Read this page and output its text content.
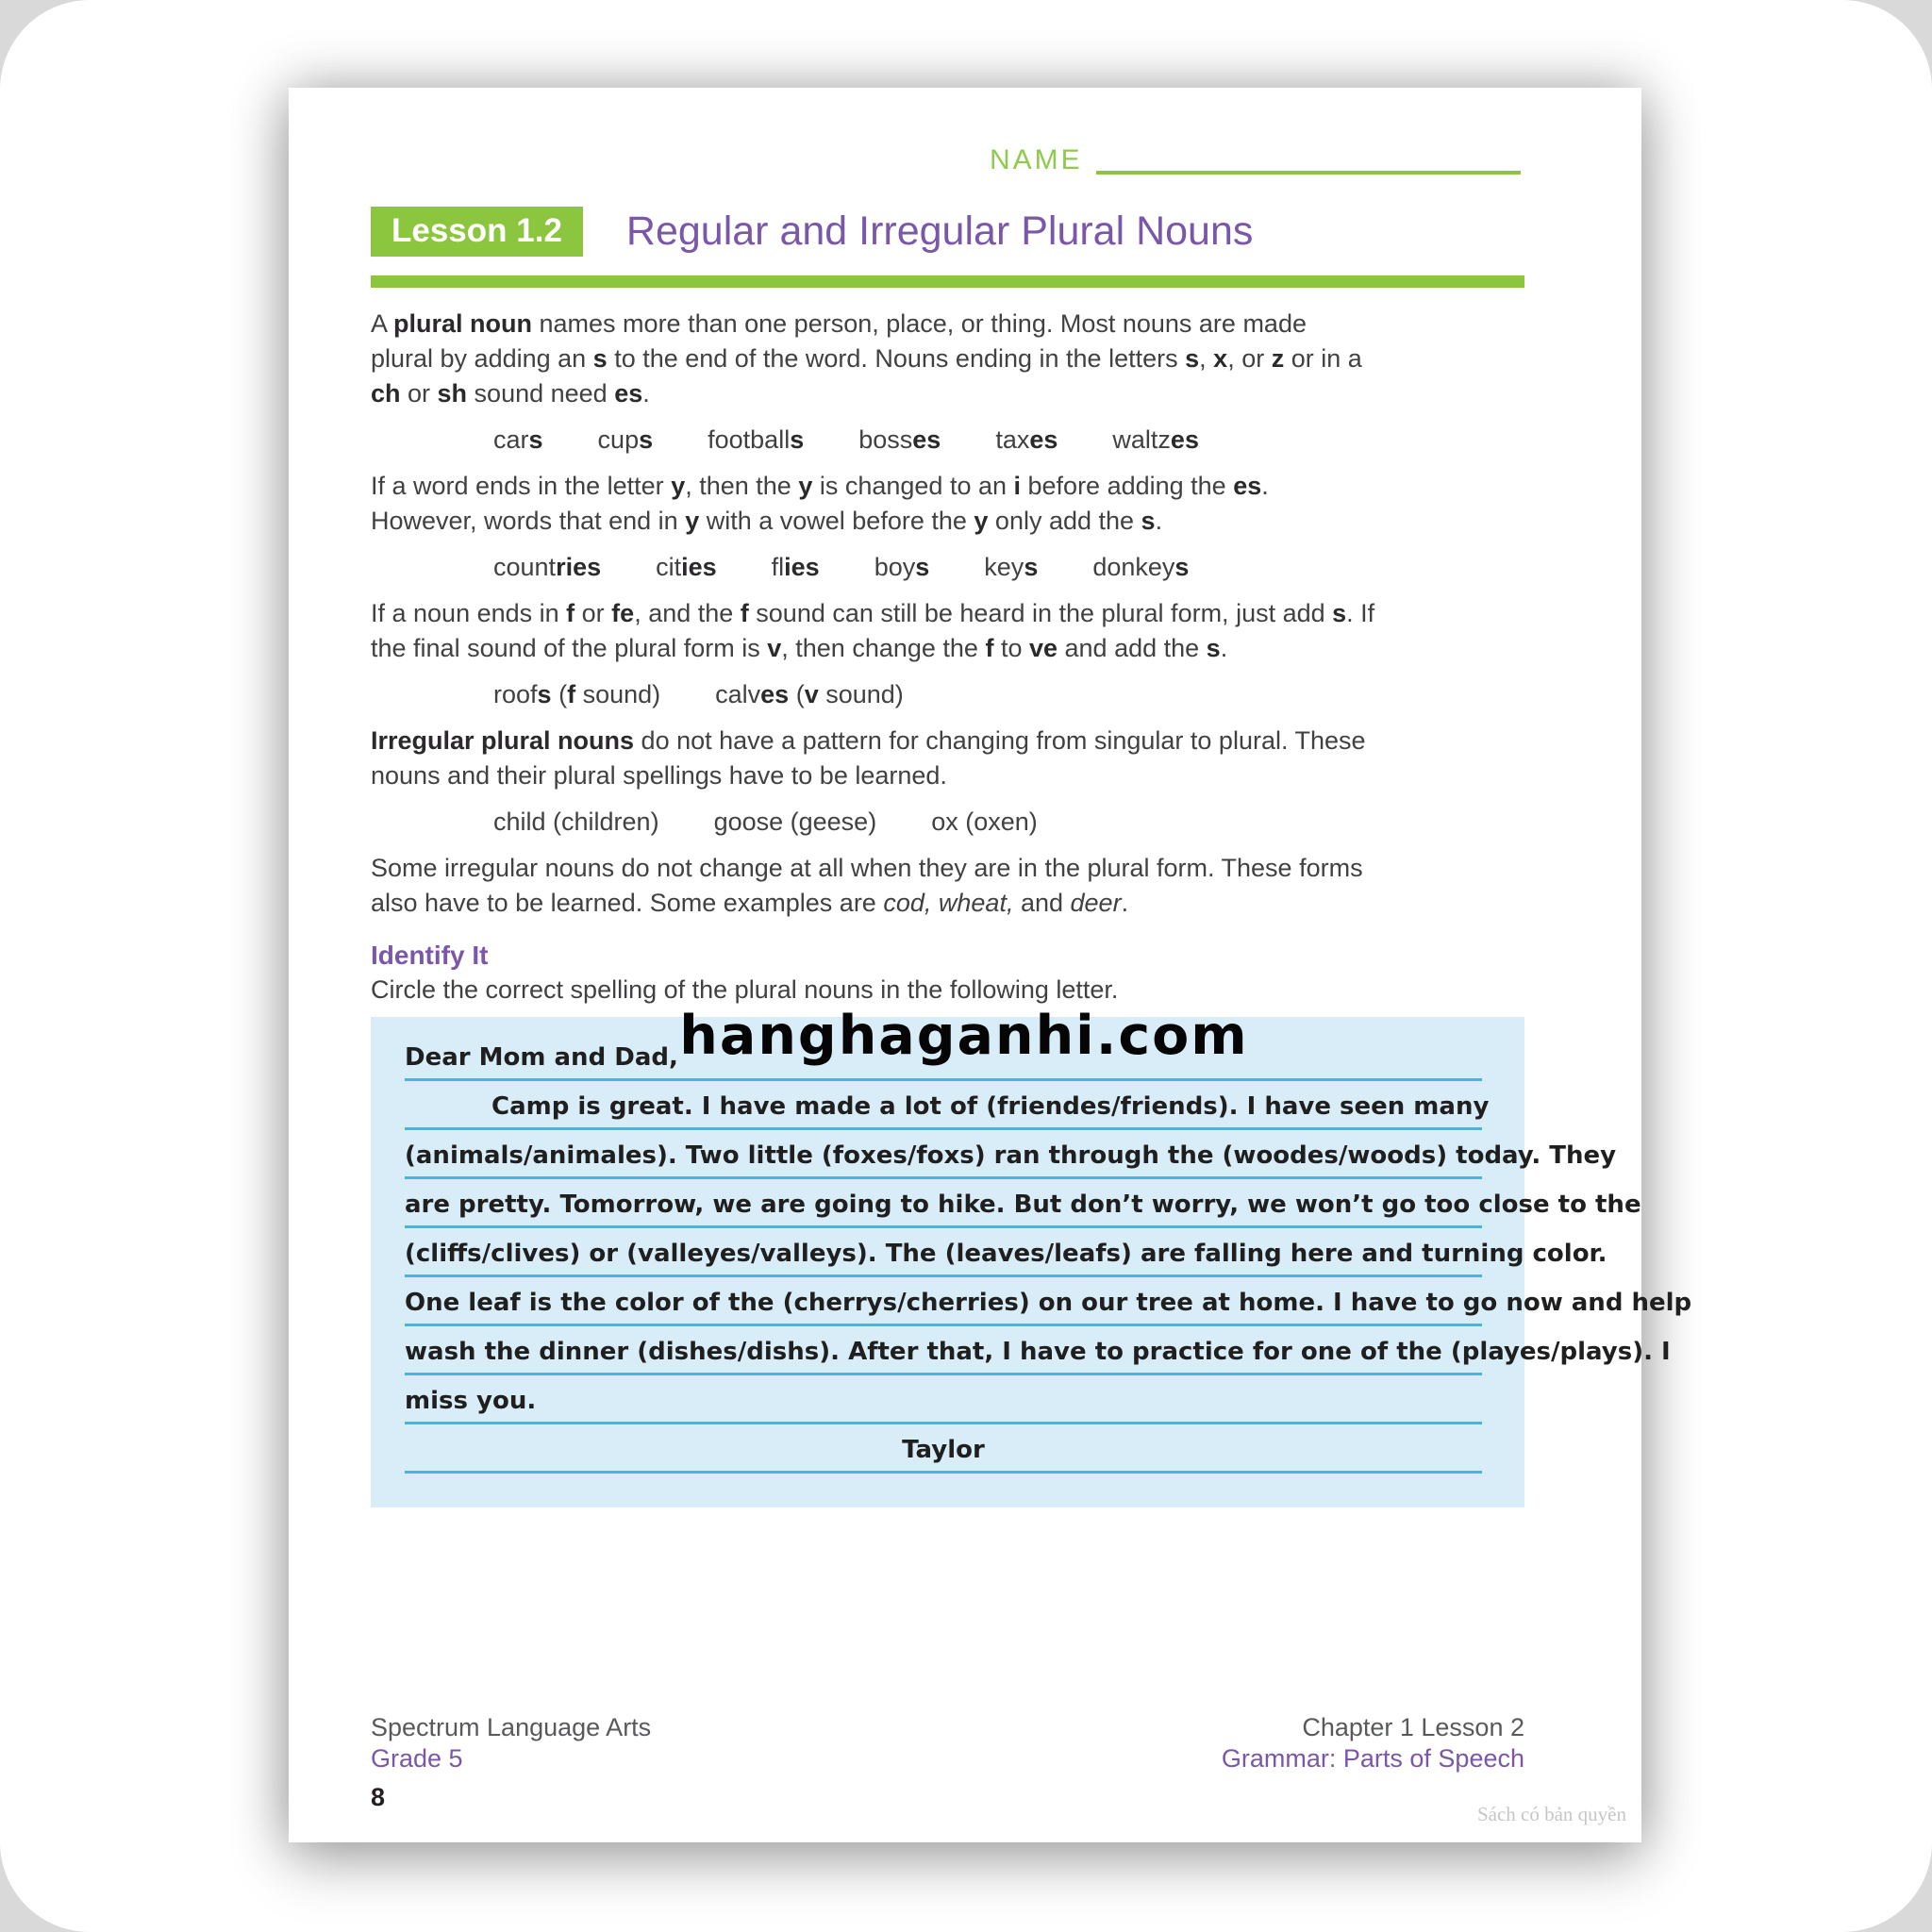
NAME
Lesson 1.2	Regular and Irregular Plural Nouns
A plural noun names more than one person, place, or thing. Most nouns are made
plural by adding an s to the end of the word. Nouns ending in the letters s, x, or z or in a
ch or sh sound need es.
cars cups footballs bosses taxes waltzes
If a word ends in the letter y, then the y is changed to an i before adding the es.
However, words that end in y with a vowel before the y only add the s.
countries cities flies boys keys donkeys
If a noun ends in f or fe, and the f sound can still be heard in the plural form, just add s. If
the final sound of the plural form is v, then change the f to ve and add the s.
roofs (f sound) calves (v sound)
Irregular plural nouns do not have a pattern for changing from singular to plural. These
nouns and their plural spellings have to be learned.
child (children) goose (geese) ox (oxen)
Some irregular nouns do not change at all when they are in the plural form. These forms
also have to be learned. Some examples are cod, wheat, and deer.
Identify It
Circle the correct spelling of the plural nouns in the following letter.
Dear Mom and Dad,
Camp is great. I have made a lot of (friendes/friends). I have seen many
(animals/animales). Two little (foxes/foxs) ran through the (woodes/woods) today. They
are pretty. Tomorrow, we are going to hike. But don’t worry, we won’t go too close to the
(cliffs/clives) or (valleyes/valleys). The (leaves/leafs) are falling here and turning color.
One leaf is the color of the (cherrys/cherries) on our tree at home. I have to go now and help
wash the dinner (dishes/dishs). After that, I have to practice for one of the (playes/plays). I
miss you.
Taylor
hanghaganhi.com
Spectrum Language Arts
Grade 5
8
Chapter 1 Lesson 2
Grammar: Parts of Speech
Sách có bản quyền
